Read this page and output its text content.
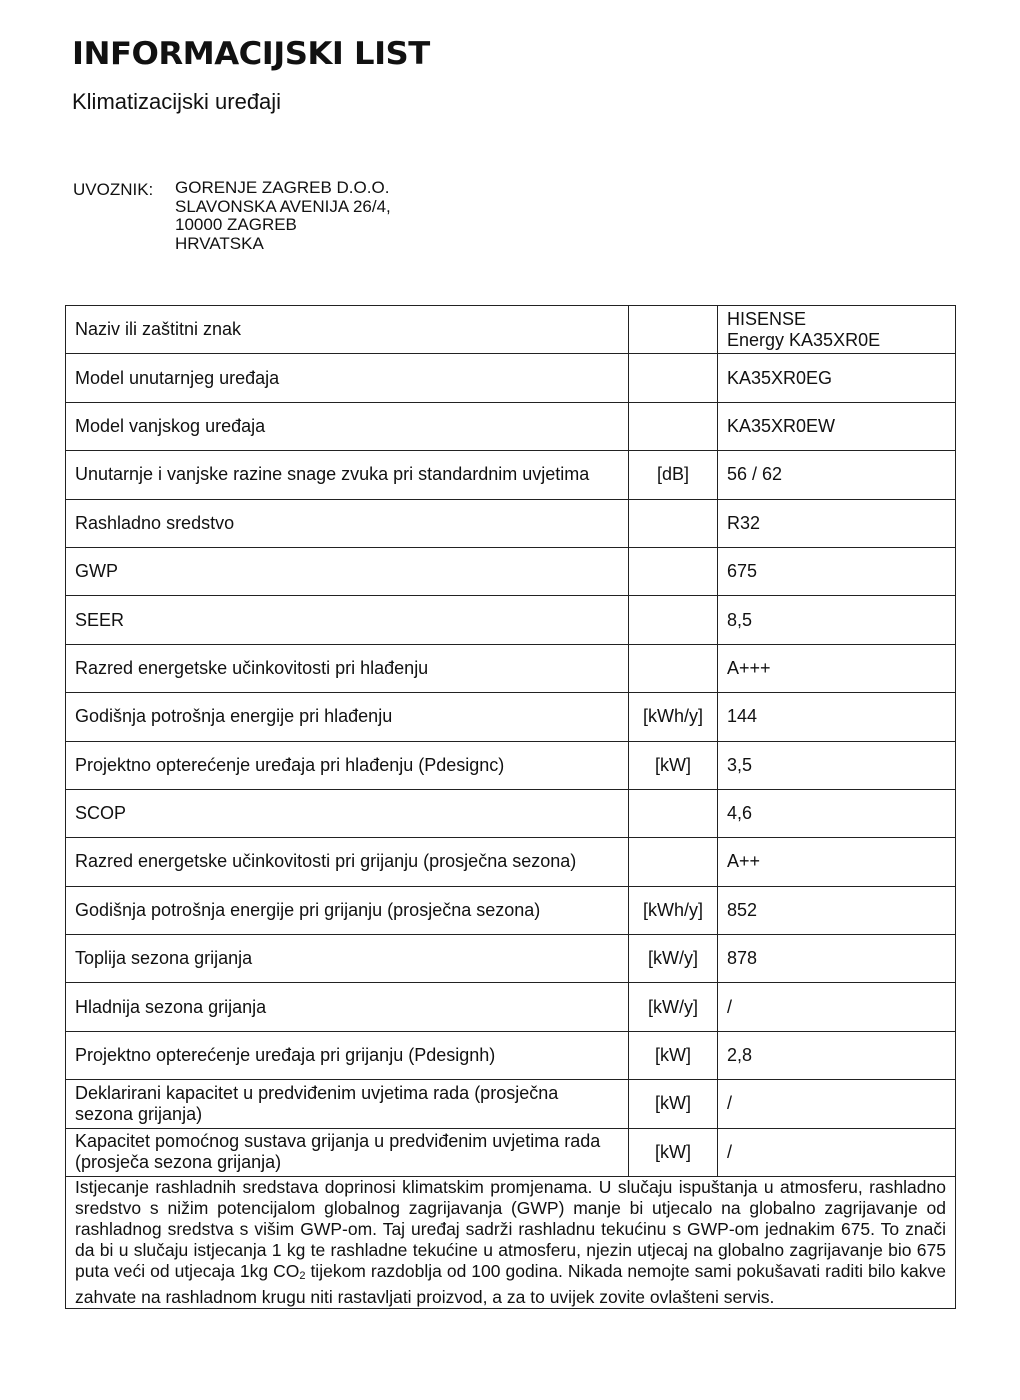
INFORMACIJSKI LIST
Klimatizacijski uređaji
UVOZNIK: GORENJE ZAGREB D.O.O.
SLAVONSKA AVENIJA 26/4,
10000 ZAGREB
HRVATSKA
Naziv ili zaštitni znak		HISENSE
Energy KA35XR0E

Model unutarnjeg uređaja		KA35XR0EG

Model vanjskog uređaja		KA35XR0EW

Unutarnje i vanjske razine snage zvuka pri standardnim uvjetima	[dB]	56 / 62

Rashladno sredstvo		R32

GWP		675

SEER		8,5

Razred energetske učinkovitosti pri hlađenju		A+++

Godišnja potrošnja energije pri hlađenju	[kWh/y]	144

Projektno opterećenje uređaja pri hlađenju (Pdesignc)	[kW]	3,5

SCOP		4,6

Razred energetske učinkovitosti pri grijanju (prosječna sezona)		A++

Godišnja potrošnja energije pri grijanju (prosječna sezona)	[kWh/y]	852

Toplija sezona grijanja	[kW/y]	878

Hladnija sezona grijanja	[kW/y]	/

Projektno opterećenje uređaja pri grijanju (Pdesignh)	[kW]	2,8

Deklarirani kapacitet u predviđenim uvjetima rada (prosječna sezona grijanja)	[kW]	/

Kapacitet pomoćnog sustava grijanja u predviđenim uvjetima rada (prosječa sezona grijanja)	[kW]	/

Istjecanje rashladnih sredstava doprinosi klimatskim promjenama. U slučaju ispuštanja u atmosferu, rashladno sredstvo s nižim potencijalom globalnog zagrijavanja (GWP) manje bi utjecalo na globalno zagrijavanje od rashladnog sredstva s višim GWP-om. Taj uređaj sadrži rashladnu tekućinu s GWP-om jednakim 675. To znači da bi u slučaju istjecanja 1 kg te rashladne tekućine u atmosferu, njezin utjecaj na globalno zagrijavanje bio 675 puta veći od utjecaja 1kg $CO_2$ tijekom razdoblja od 100 godina. Nikada nemojte sami pokušavati raditi bilo kakve zahvate na rashladnom krugu niti rastavljati proizvod, a za to uvijek zovite ovlašteni servis.		
